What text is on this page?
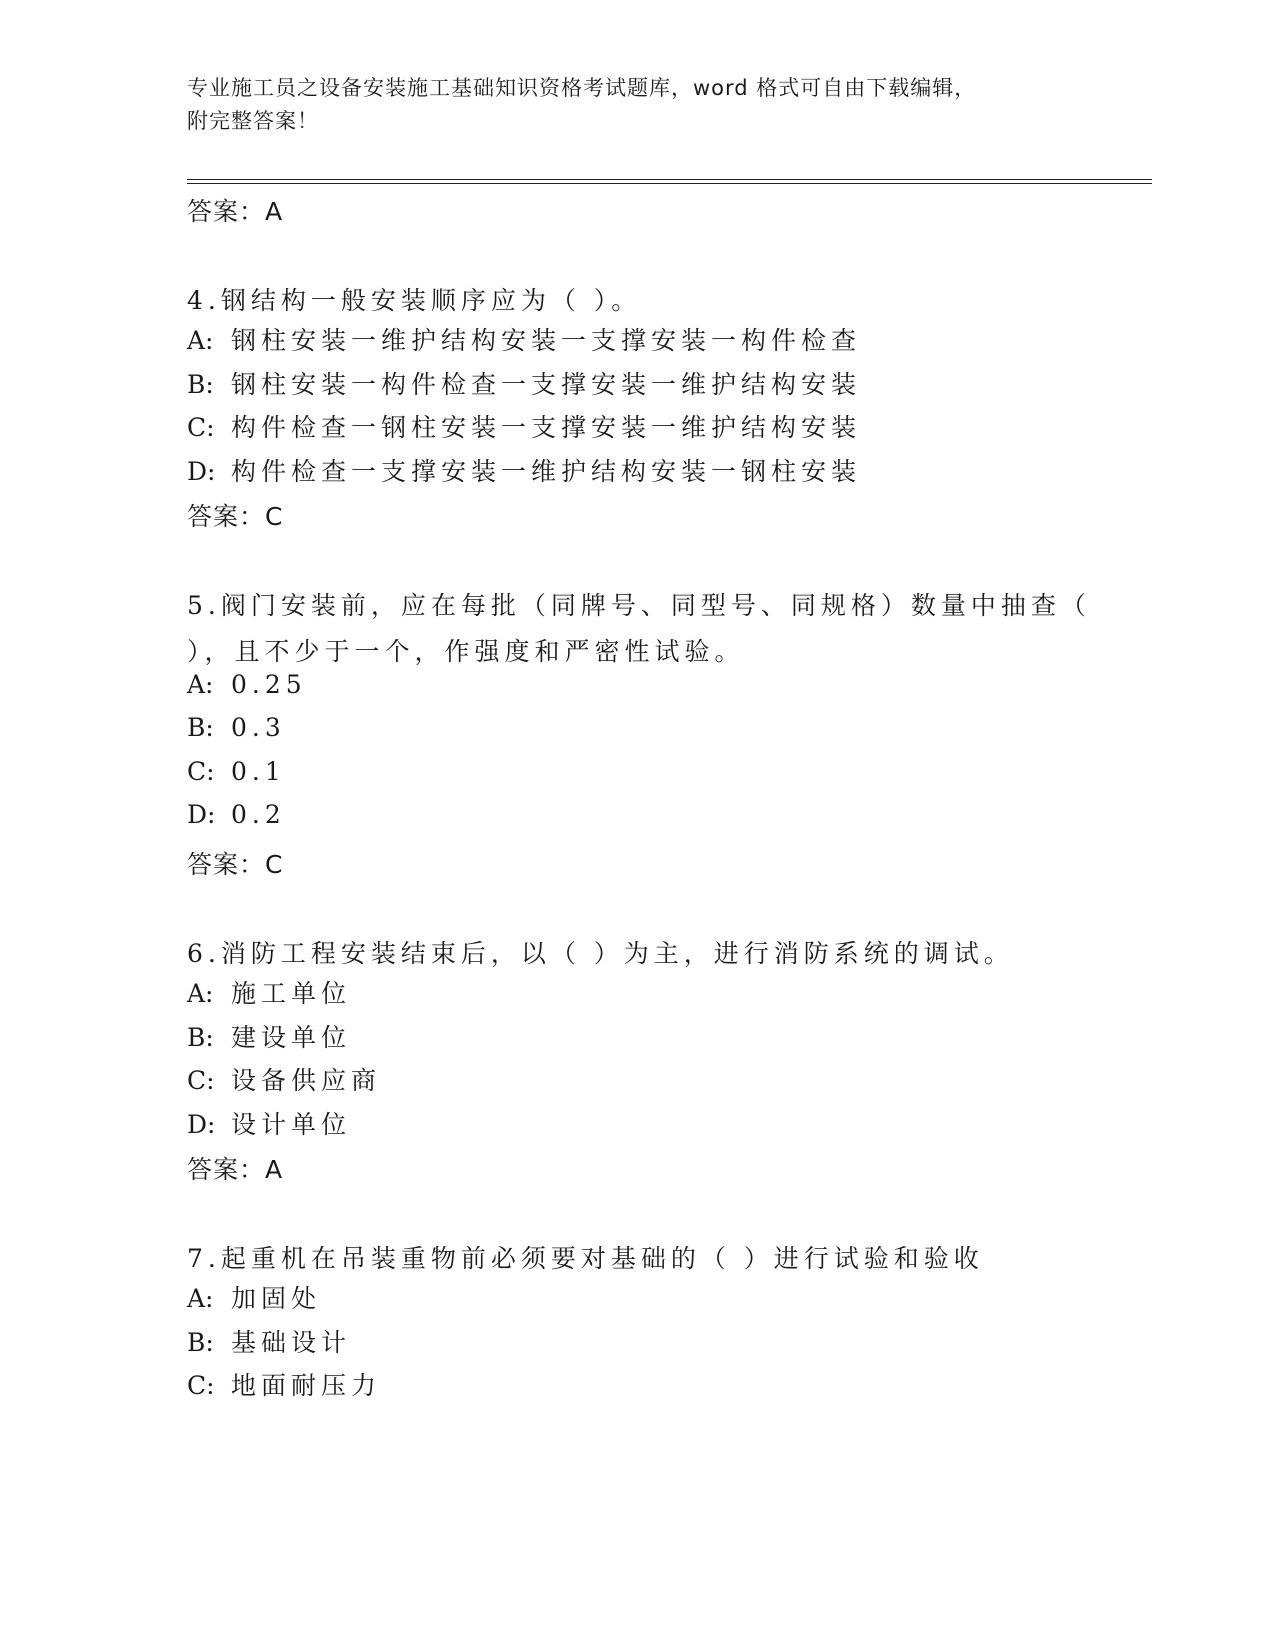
专业施工员之设备安装施工基础知识资格考试题库，word 格式可自由下载编辑，
附完整答案！
答案：A
4.钢结构一般安装顺序应为（ ）。
A: 钢柱安装一维护结构安装一支撑安装一构件检查
B: 钢柱安装一构件检查一支撑安装一维护结构安装
C: 构件检查一钢柱安装一支撑安装一维护结构安装
D: 构件检查一支撑安装一维护结构安装一钢柱安装
答案：C
5.阀门安装前，应在每批（同牌号、同型号、同规格）数量中抽查（
），且不少于一个，作强度和严密性试验。
A: 0.25
B: 0.3
C: 0.1
D: 0.2
答案：C
6.消防工程安装结束后，以（ ）为主，进行消防系统的调试。
A: 施工单位
B: 建设单位
C: 设备供应商
D: 设计单位
答案：A
7.起重机在吊装重物前必须要对基础的（ ）进行试验和验收
A: 加固处
B: 基础设计
C: 地面耐压力
